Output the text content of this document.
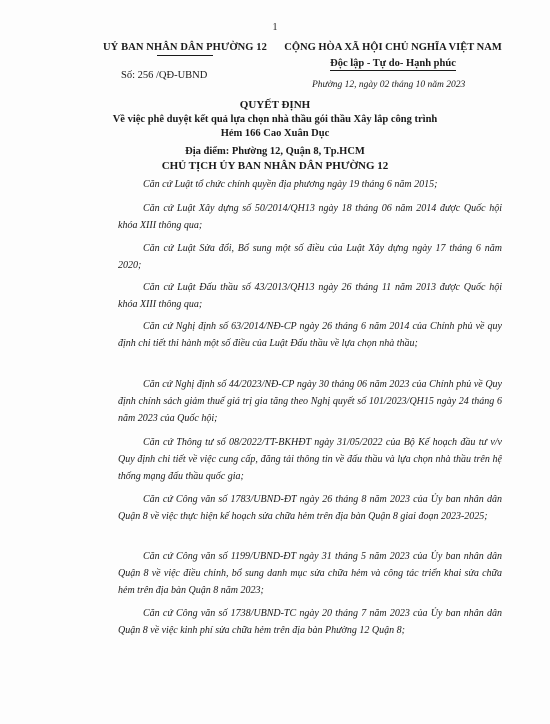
1
UỶ BAN NHÂN DÂN PHƯỜNG 12
Số: 256 /QĐ-UBND
CỘNG HÒA XÃ HỘI CHỦ NGHĨA VIỆT NAM
Độc lập - Tự do- Hạnh phúc
Phường 12, ngày 02 tháng 10 năm 2023
QUYẾT ĐỊNH
Về việc phê duyệt kết quả lựa chọn nhà thầu gói thầu Xây lắp công trình
Hẻm 166 Cao Xuân Dục
Địa điểm: Phường 12, Quận 8, Tp.HCM
CHỦ TỊCH ỦY BAN NHÂN DÂN PHƯỜNG 12

Căn cứ Luật tổ chức chính quyền địa phương ngày 19 tháng 6 năm 2015;

Căn cứ Luật Xây dựng số 50/2014/QH13 ngày 18 tháng 06 năm 2014 được Quốc hội khóa XIII thông qua;

Căn cứ Luật Sửa đổi, Bổ sung một số điều của Luật Xây dựng ngày 17 tháng 6 năm 2020;

Căn cứ Luật Đấu thầu số 43/2013/QH13 ngày 26 tháng 11 năm 2013 được Quốc hội khóa XIII thông qua;

Căn cứ Nghị định số 63/2014/NĐ-CP ngày 26 tháng 6 năm 2014 của Chính phủ về quy định chi tiết thi hành một số điều của Luật Đấu thầu về lựa chọn nhà thầu;

Căn cứ Nghị định số 44/2023/NĐ-CP ngày 30 tháng 06 năm 2023 của Chính phủ về Quy định chính sách giảm thuế giá trị gia tăng theo Nghị quyết số 101/2023/QH15 ngày 24 tháng 6 năm 2023 của Quốc hội;

Căn cứ Thông tư số 08/2022/TT-BKHĐT ngày 31/05/2022 của Bộ Kế hoạch đầu tư v/v Quy định chi tiết về việc cung cấp, đăng tải thông tin về đấu thầu và lựa chọn nhà thầu trên hệ thống mạng đấu thầu quốc gia;

Căn cứ Công văn số 1783/UBND-ĐT ngày 26 tháng 8 năm 2023 của Ủy ban nhân dân Quận 8 về việc thực hiện kế hoạch sửa chữa hẻm trên địa bàn Quận 8 giai đoạn 2023-2025;

Căn cứ Công văn số 1199/UBND-ĐT ngày 31 tháng 5 năm 2023 của Ủy ban nhân dân Quận 8 về việc điều chỉnh, bổ sung danh mục sửa chữa hẻm và công tác triển khai sửa chữa hẻm trên địa bàn Quận 8 năm 2023;

Căn cứ Công văn số 1738/UBND-TC ngày 20 tháng 7 năm 2023 của Ủy ban nhân dân Quận 8 về việc kinh phí sửa chữa hẻm trên địa bàn Phường 12 Quận 8;
